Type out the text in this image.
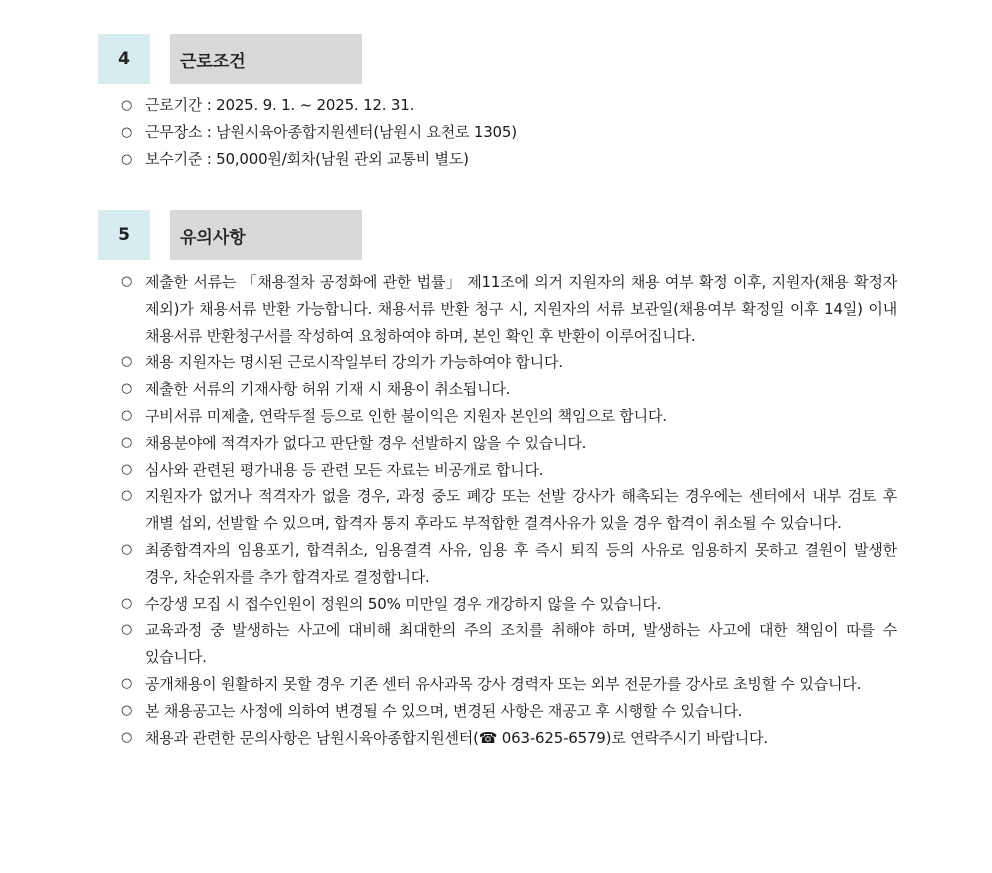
4	근로조건
○ 근로기간 : 2025. 9. 1. ~ 2025. 12. 31.
○ 근무장소 : 남원시육아종합지원센터(남원시 요천로 1305)
○ 보수기준 : 50,000원/회차(남원 관외 교통비 별도)
5	유의사항
○ 제출한 서류는 「채용절차 공정화에 관한 법률」 제11조에 의거 지원자의 채용 여부 확정 이후, 지원자(채용 확정자 제외)가 채용서류 반환 가능합니다. 채용서류 반환 청구 시, 지원자의 서류 보관일(채용여부 확정일 이후 14일) 이내 채용서류 반환청구서를 작성하여 요청하여야 하며, 본인 확인 후 반환이 이루어집니다.
○ 채용 지원자는 명시된 근로시작일부터 강의가 가능하여야 합니다.
○ 제출한 서류의 기재사항 허위 기재 시 채용이 취소됩니다.
○ 구비서류 미제출, 연락두절 등으로 인한 불이익은 지원자 본인의 책임으로 합니다.
○ 채용분야에 적격자가 없다고 판단할 경우 선발하지 않을 수 있습니다.
○ 심사와 관련된 평가내용 등 관련 모든 자료는 비공개로 합니다.
○ 지원자가 없거나 적격자가 없을 경우, 과정 중도 폐강 또는 선발 강사가 해촉되는 경우에는 센터에서 내부 검토 후 개별 섭외, 선발할 수 있으며, 합격자 통지 후라도 부적합한 결격사유가 있을 경우 합격이 취소될 수 있습니다.
○ 최종합격자의 임용포기, 합격취소, 임용결격 사유, 임용 후 즉시 퇴직 등의 사유로 임용하지 못하고 결원이 발생한 경우, 차순위자를 추가 합격자로 결정합니다.
○ 수강생 모집 시 접수인원이 정원의 50% 미만일 경우 개강하지 않을 수 있습니다.
○ 교육과정 중 발생하는 사고에 대비해 최대한의 주의 조치를 취해야 하며, 발생하는 사고에 대한 책임이 따를 수 있습니다.
○ 공개채용이 원활하지 못할 경우 기존 센터 유사과목 강사 경력자 또는 외부 전문가를 강사로 초빙할 수 있습니다.
○ 본 채용공고는 사정에 의하여 변경될 수 있으며, 변경된 사항은 재공고 후 시행할 수 있습니다.
○ 채용과 관련한 문의사항은 남원시육아종합지원센터(☎ 063-625-6579)로 연락주시기 바랍니다.
